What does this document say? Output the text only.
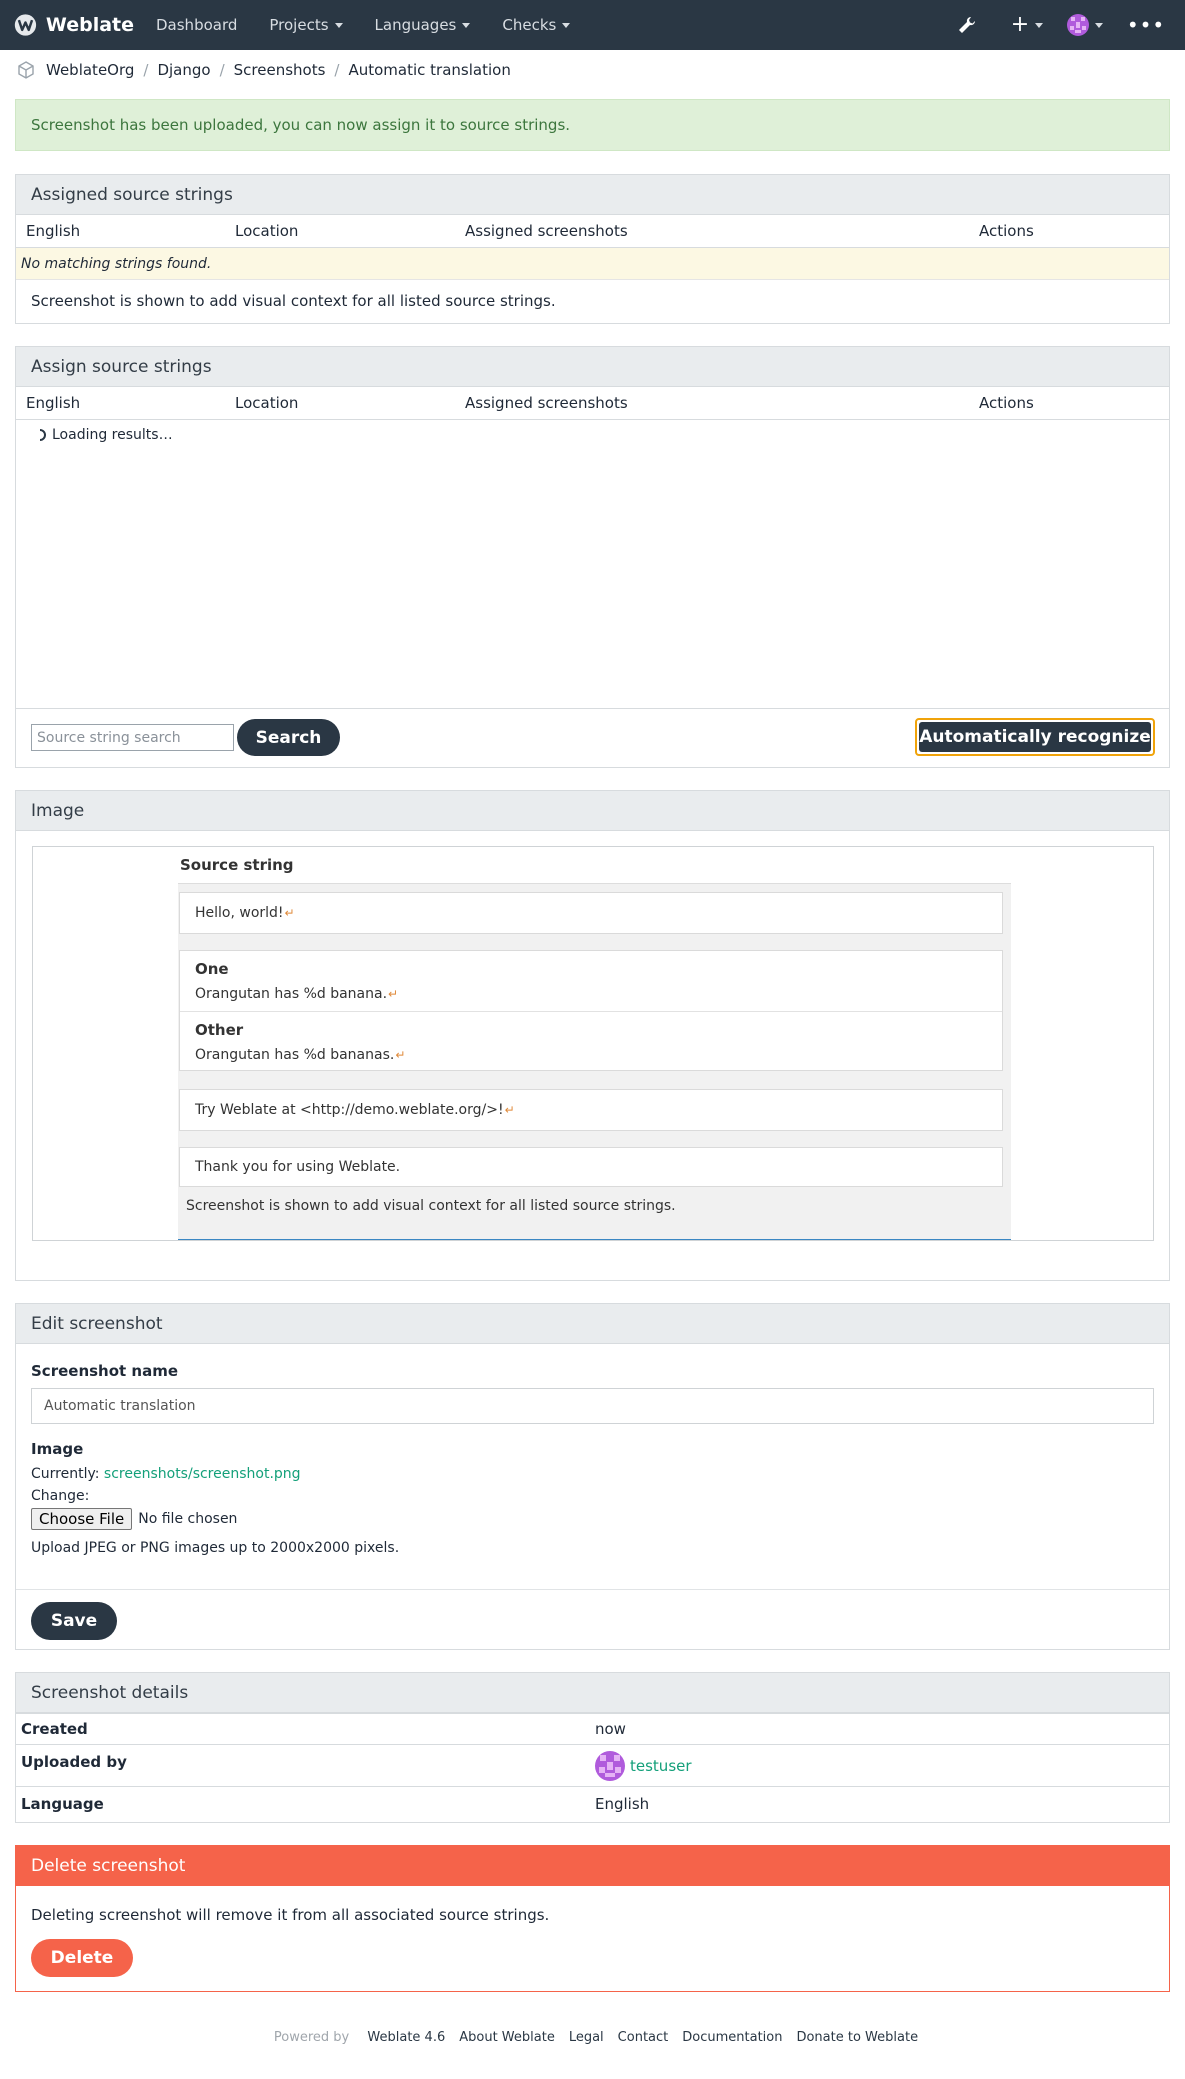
Weblate Dashboard Projects	Languages	Checks	+	•••
WeblateOrg / Django / Screenshots / Automatic translation
Screenshot has been uploaded, you can now assign it to source strings.
Assigned source strings
English	Location	Assigned screenshots	Actions
No matching strings found.
Screenshot is shown to add visual context for all listed source strings.
Assign source strings
English	Location	Assigned screenshots	Actions
Loading results…
Source string search	Search	Automatically recognize
Image
Source string
Hello, world! ↵
One
Orangutan has %d banana. ↵
Other
Orangutan has %d bananas. ↵
Try Weblate at <http://demo.weblate.org/>! ↵
Thank you for using Weblate.
Screenshot is shown to add visual context for all listed source strings.
Edit screenshot
Screenshot name
Automatic translation
Image
Currently: screenshots/screenshot.png
Change:
Choose File	No file chosen
Upload JPEG or PNG images up to 2000x2000 pixels.
Save
Screenshot details
Created	now
Uploaded by	testuser
Language	English
Delete screenshot
Deleting screenshot will remove it from all associated source strings.
Delete
Powered by Weblate 4.6	About Weblate Legal Contact Documentation Donate to Weblate
